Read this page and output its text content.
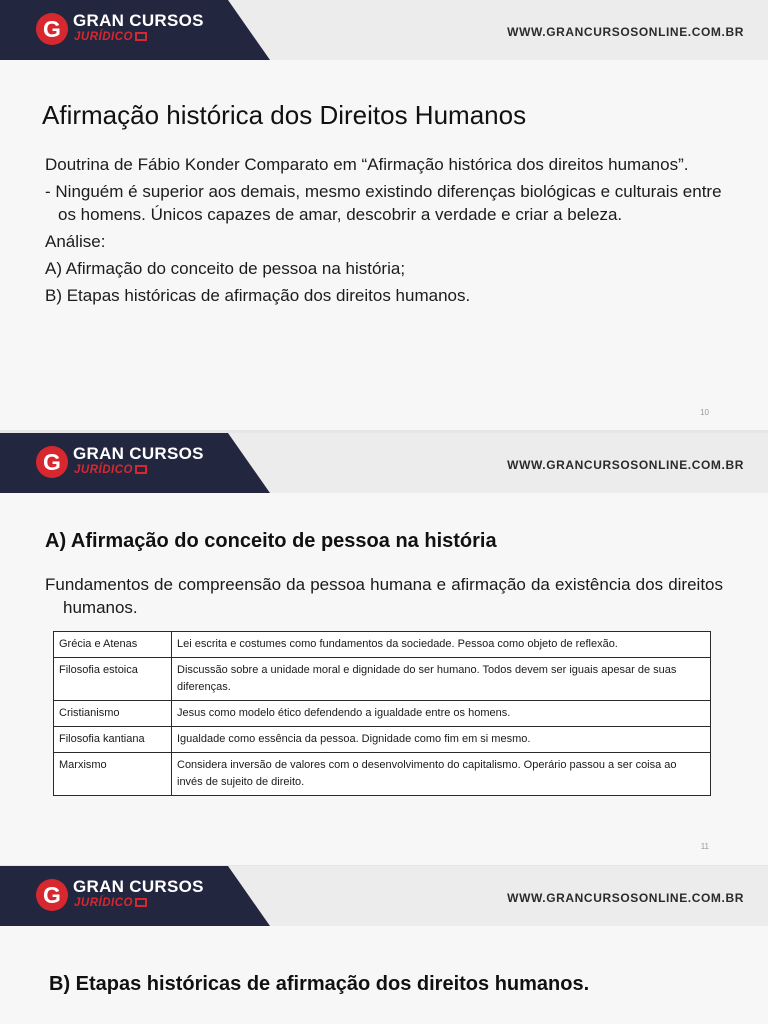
G GRAN CURSOS
JURÍDICO	WWW.GRANCURSOSONLINE.COM.BR
Afirmação histórica dos Direitos Humanos

Doutrina de Fábio Konder Comparato em “Afirmação histórica dos direitos humanos”.

- Ninguém é superior aos demais, mesmo existindo diferenças biológicas e culturais entre os homens. Únicos capazes de amar, descobrir a verdade e criar a beleza.

Análise:

A) Afirmação do conceito de pessoa na história;

B) Etapas históricas de afirmação dos direitos humanos.

10
G GRAN CURSOS
JURÍDICO	WWW.GRANCURSOSONLINE.COM.BR
A) Afirmação do conceito de pessoa na história

Fundamentos de compreensão da pessoa humana e afirmação da existência dos direitos humanos.

Grécia e Atenas	Lei escrita e costumes como fundamentos da sociedade. Pessoa como objeto de reflexão.
Filosofia estoica	Discussão sobre a unidade moral e dignidade do ser humano. Todos devem ser iguais apesar de suas diferenças.
Cristianismo	Jesus como modelo ético defendendo a igualdade entre os homens.
Filosofia kantiana	Igualdade como essência da pessoa. Dignidade como fim em si mesmo.
Marxismo	Considera inversão de valores com o desenvolvimento do capitalismo. Operário passou a ser coisa ao invés de sujeito de direito.
11
G GRAN CURSOS
JURÍDICO	WWW.GRANCURSOSONLINE.COM.BR
B) Etapas históricas de afirmação dos direitos humanos.
